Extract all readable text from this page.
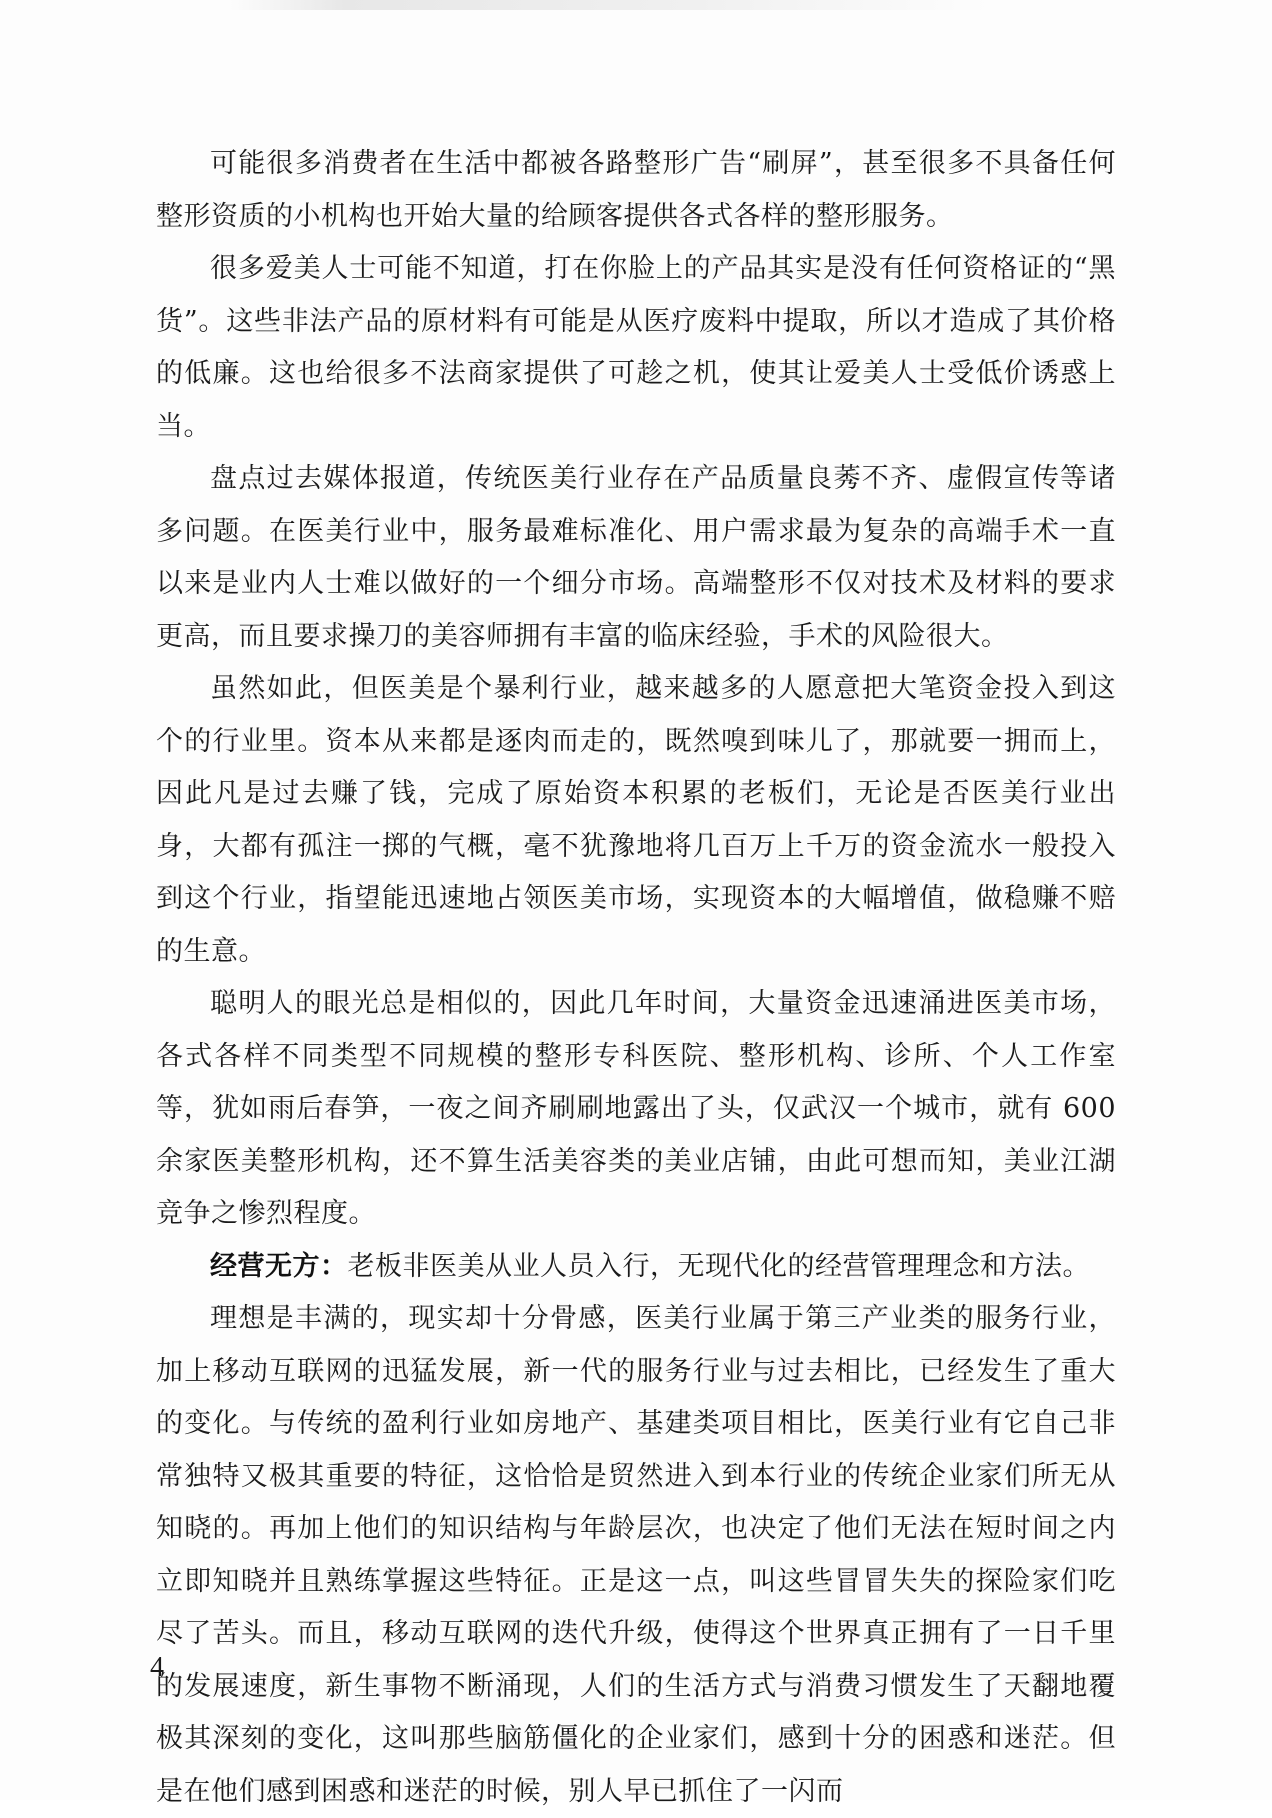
可能很多消费者在生活中都被各路整形广告“刷屏”，甚至很多不具备任何整形资质的小机构也开始大量的给顾客提供各式各样的整形服务。

很多爱美人士可能不知道，打在你脸上的产品其实是没有任何资格证的“黑货”。这些非法产品的原材料有可能是从医疗废料中提取，所以才造成了其价格的低廉。这也给很多不法商家提供了可趁之机，使其让爱美人士受低价诱惑上当。

盘点过去媒体报道，传统医美行业存在产品质量良莠不齐、虚假宣传等诸多问题。在医美行业中，服务最难标准化、用户需求最为复杂的高端手术一直以来是业内人士难以做好的一个细分市场。高端整形不仅对技术及材料的要求更高，而且要求操刀的美容师拥有丰富的临床经验，手术的风险很大。

虽然如此，但医美是个暴利行业，越来越多的人愿意把大笔资金投入到这个的行业里。资本从来都是逐肉而走的，既然嗅到味儿了，那就要一拥而上，因此凡是过去赚了钱，完成了原始资本积累的老板们，无论是否医美行业出身，大都有孤注一掷的气概，毫不犹豫地将几百万上千万的资金流水一般投入到这个行业，指望能迅速地占领医美市场，实现资本的大幅增值，做稳赚不赔的生意。

聪明人的眼光总是相似的，因此几年时间，大量资金迅速涌进医美市场，各式各样不同类型不同规模的整形专科医院、整形机构、诊所、个人工作室等，犹如雨后春笋，一夜之间齐刷刷地露出了头，仅武汉一个城市，就有 600 余家医美整形机构，还不算生活美容类的美业店铺，由此可想而知，美业江湖竞争之惨烈程度。

经营无方：老板非医美从业人员入行，无现代化的经营管理理念和方法。

理想是丰满的，现实却十分骨感，医美行业属于第三产业类的服务行业，加上移动互联网的迅猛发展，新一代的服务行业与过去相比，已经发生了重大的变化。与传统的盈利行业如房地产、基建类项目相比，医美行业有它自己非常独特又极其重要的特征，这恰恰是贸然进入到本行业的传统企业家们所无从知晓的。再加上他们的知识结构与年龄层次，也决定了他们无法在短时间之内立即知晓并且熟练掌握这些特征。正是这一点，叫这些冒冒失失的探险家们吃尽了苦头。而且，移动互联网的迭代升级，使得这个世界真正拥有了一日千里的发展速度，新生事物不断涌现，人们的生活方式与消费习惯发生了天翻地覆极其深刻的变化，这叫那些脑筋僵化的企业家们，感到十分的困惑和迷茫。但是在他们感到困惑和迷茫的时候，别人早已抓住了一闪而

4
